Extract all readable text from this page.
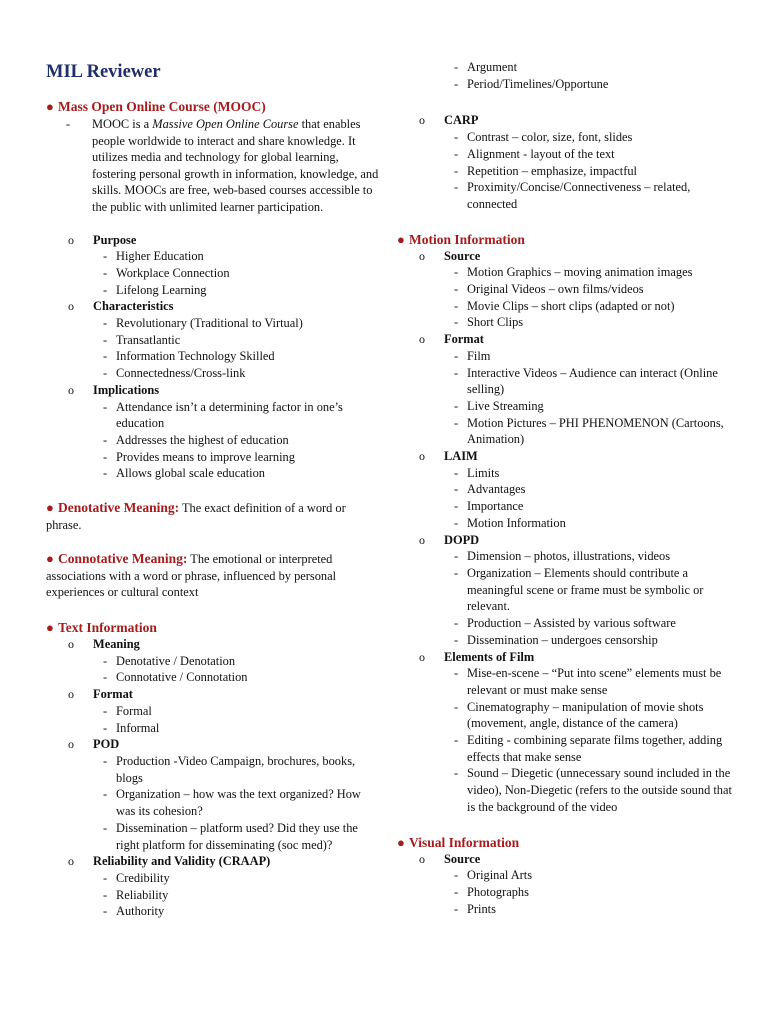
MIL Reviewer
● Mass Open Online Course (MOOC)
-	MOOC is a Massive Open Online Course that enables people worldwide to interact and share knowledge. It utilizes media and technology for global learning, fostering personal growth in information, knowledge, and skills. MOOCs are free, web-based courses accessible to the public with unlimited learner participation.
o	Purpose
- Higher Education
- Workplace Connection
- Lifelong Learning
o	Characteristics
- Revolutionary (Traditional to Virtual)
- Transatlantic
- Information Technology Skilled
- Connectedness/Cross-link
o	Implications
- Attendance isn’t a determining factor in one’s education
- Addresses the highest of education
- Provides means to improve learning
- Allows global scale education
● Denotative Meaning: The exact definition of a word or phrase.
● Connotative Meaning: The emotional or interpreted associations with a word or phrase, influenced by personal experiences or cultural context
● Text Information
o	Meaning
- Denotative / Denotation
- Connotative / Connotation
o	Format
- Formal
- Informal
o	POD
- Production -Video Campaign, brochures, books, blogs
- Organization – how was the text organized? How was its cohesion?
- Dissemination – platform used? Did they use the right platform for disseminating (soc med)?
o	Reliability and Validity (CRAAP)
- Credibility
- Reliability
- Authority
- Argument
- Period/Timelines/Opportune
o	CARP
- Contrast – color, size, font, slides
- Alignment - layout of the text
- Repetition – emphasize, impactful
- Proximity/Concise/Connectiveness – related, connected
● Motion Information
o	Source
- Motion Graphics – moving animation images
- Original Videos – own films/videos
- Movie Clips – short clips (adapted or not)
- Short Clips
o	Format
- Film
- Interactive Videos – Audience can interact (Online selling)
- Live Streaming
- Motion Pictures – PHI PHENOMENON (Cartoons, Animation)
o	LAIM
- Limits
- Advantages
- Importance
- Motion Information
o	DOPD
- Dimension – photos, illustrations, videos
- Organization – Elements should contribute a meaningful scene or frame must be symbolic or relevant.
- Production – Assisted by various software
- Dissemination – undergoes censorship
o	Elements of Film
- Mise-en-scene – “Put into scene” elements must be relevant or must make sense
- Cinematography – manipulation of movie shots (movement, angle, distance of the camera)
- Editing - combining separate films together, adding effects that make sense
- Sound – Diegetic (unnecessary sound included in the video), Non-Diegetic (refers to the outside sound that is the background of the video
● Visual Information
o	Source
- Original Arts
- Photographs
- Prints
